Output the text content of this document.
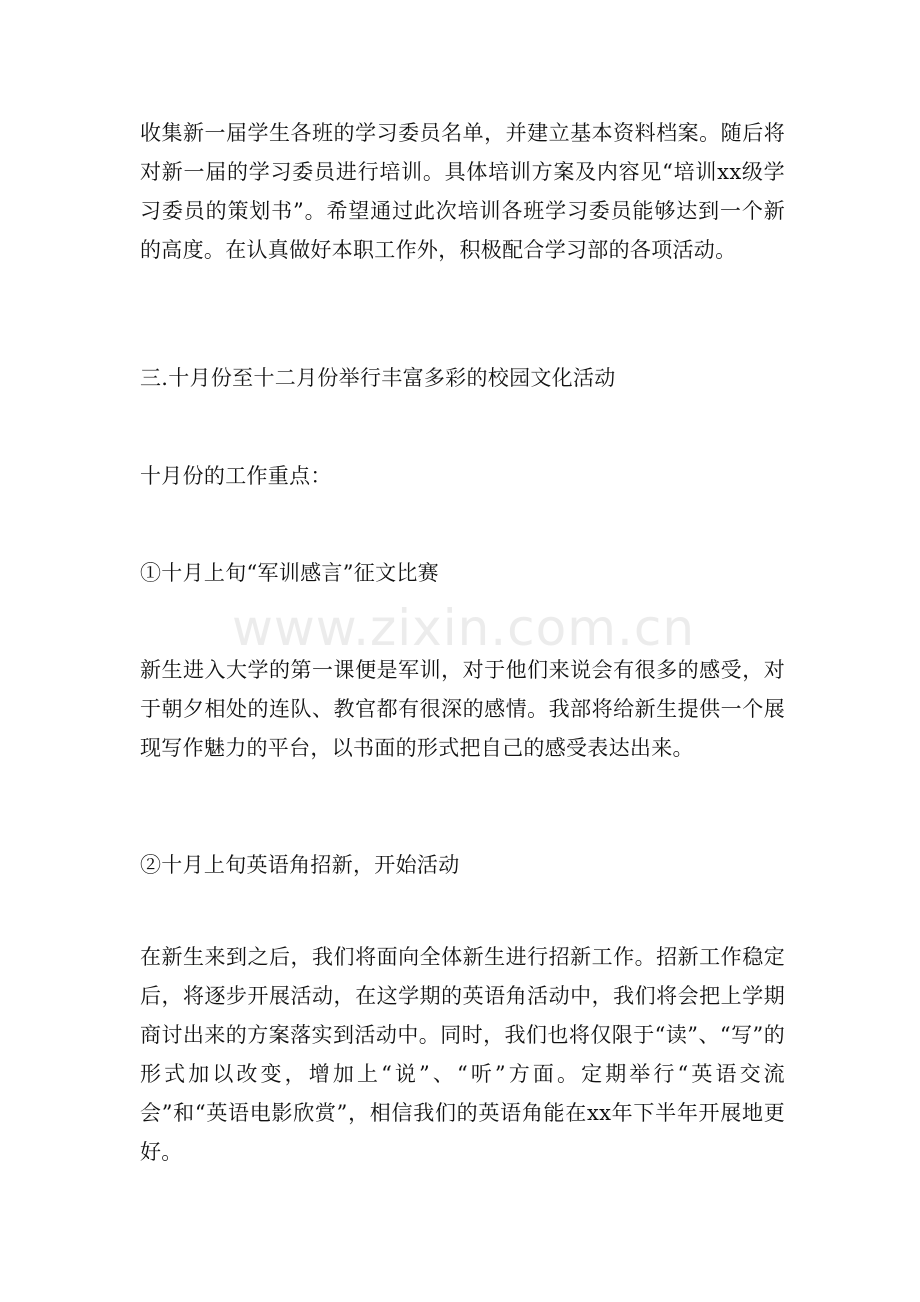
收集新一届学生各班的学习委员名单，并建立基本资料档案。随后将对新一届的学习委员进行培训。具体培训方案及内容见“培训xx级学习委员的策划书”。希望通过此次培训各班学习委员能够达到一个新的高度。在认真做好本职工作外，积极配合学习部的各项活动。

三.十月份至十二月份举行丰富多彩的校园文化活动

十月份的工作重点：

①十月上旬“军训感言”征文比赛

新生进入大学的第一课便是军训，对于他们来说会有很多的感受，对于朝夕相处的连队、教官都有很深的感情。我部将给新生提供一个展现写作魅力的平台，以书面的形式把自己的感受表达出来。

②十月上旬英语角招新，开始活动

在新生来到之后，我们将面向全体新生进行招新工作。招新工作稳定后，将逐步开展活动，在这学期的英语角活动中，我们将会把上学期商讨出来的方案落实到活动中。同时，我们也将仅限于“读”、“写”的形式加以改变，增加上“说”、“听”方面。定期举行“英语交流会”和“英语电影欣赏”，相信我们的英语角能在xx年下半年开展地更好。

www.zixin.com.cn
